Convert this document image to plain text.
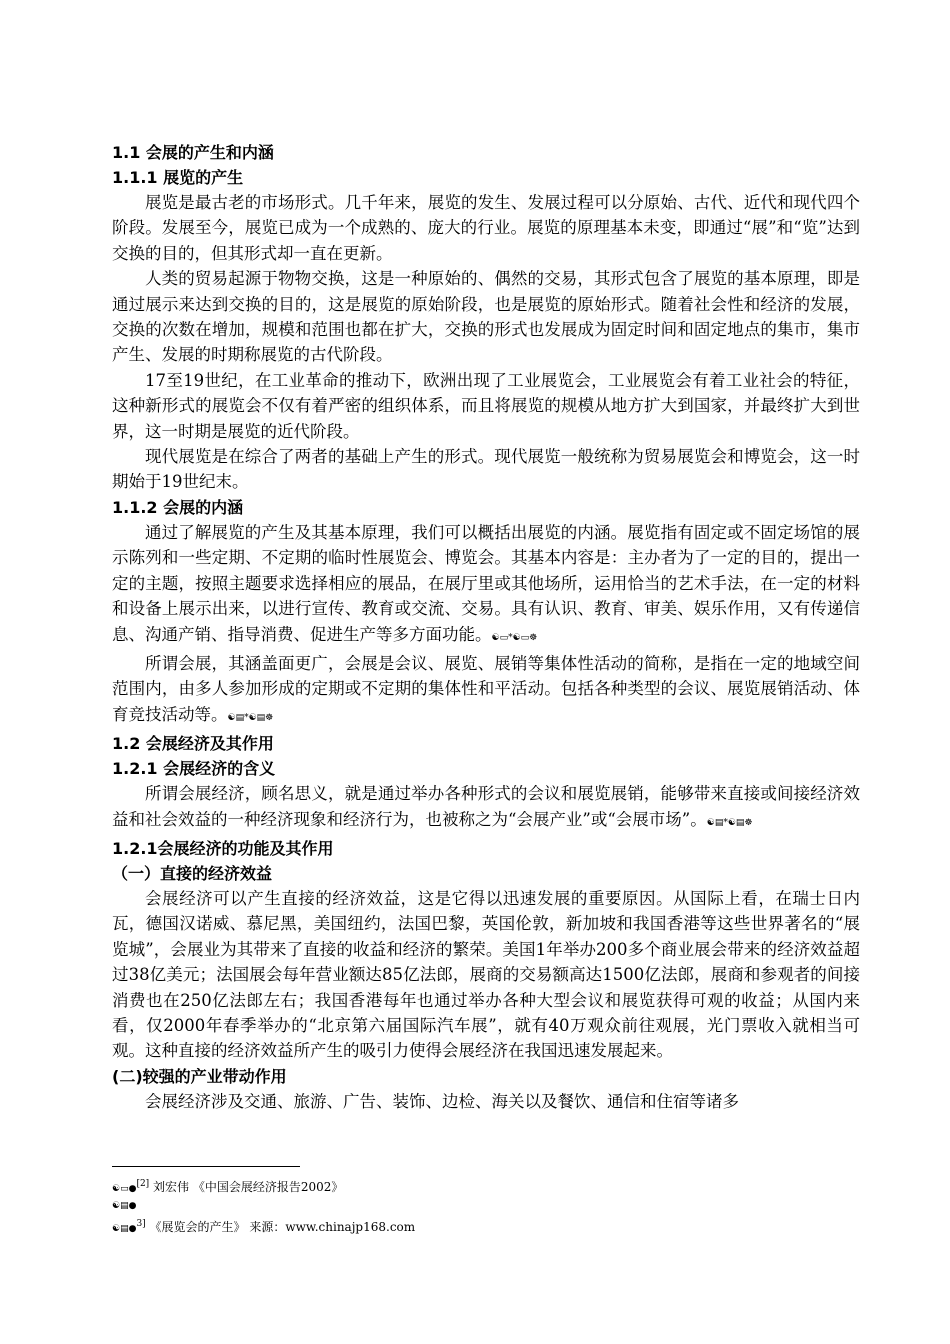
1.1 会展的产生和内涵
1.1.1 展览的产生
展览是最古老的市场形式。几千年来，展览的发生、发展过程可以分原始、古代、近代和现代四个阶段。发展至今，展览已成为一个成熟的、庞大的行业。展览的原理基本未变，即通过“展”和“览”达到交换的目的，但其形式却一直在更新。
人类的贸易起源于物物交换，这是一种原始的、偶然的交易，其形式包含了展览的基本原理，即是通过展示来达到交换的目的，这是展览的原始阶段，也是展览的原始形式。随着社会性和经济的发展，交换的次数在增加，规模和范围也都在扩大，交换的形式也发展成为固定时间和固定地点的集市，集市产生、发展的时期称展览的古代阶段。
17至19世纪，在工业革命的推动下，欧洲出现了工业展览会，工业展览会有着工业社会的特征，这种新形式的展览会不仅有着严密的组织体系，而且将展览的规模从地方扩大到国家，并最终扩大到世界，这一时期是展览的近代阶段。
现代展览是在综合了两者的基础上产生的形式。现代展览一般统称为贸易展览会和博览会，这一时期始于19世纪末。
1.1.2 会展的内涵
通过了解展览的产生及其基本原理，我们可以概括出展览的内涵。展览指有固定或不固定场馆的展示陈列和一些定期、不定期的临时性展览会、博览会。其基本内容是：主办者为了一定的目的，提出一定的主题，按照主题要求选择相应的展品，在展厅里或其他场所，运用恰当的艺术手法，在一定的材料和设备上展示出来，以进行宣传、教育或交流、交易。具有认识、教育、审美、娱乐作用，又有传递信息、沟通产销、指导消费、促进生产等多方面功能。☯▭*☯▭☸
所谓会展，其涵盖面更广，会展是会议、展览、展销等集体性活动的简称，是指在一定的地域空间范围内，由多人参加形成的定期或不定期的集体性和平活动。包括各种类型的会议、展览展销活动、体育竞技活动等。☯▤*☯▤☸
1.2 会展经济及其作用
1.2.1 会展经济的含义
所谓会展经济，顾名思义，就是通过举办各种形式的会议和展览展销，能够带来直接或间接经济效益和社会效益的一种经济现象和经济行为，也被称之为“会展产业”或“会展市场”。☯▤*☯▤☸
1.2.1会展经济的功能及其作用
（一）直接的经济效益
会展经济可以产生直接的经济效益，这是它得以迅速发展的重要原因。从国际上看，在瑞士日内瓦，德国汉诺威、慕尼黑，美国纽约，法国巴黎，英国伦敦，新加坡和我国香港等这些世界著名的“展览城”，会展业为其带来了直接的收益和经济的繁荣。美国1年举办200多个商业展会带来的经济效益超过38亿美元；法国展会每年营业额达85亿法郎，展商的交易额高达1500亿法郎，展商和参观者的间接消费也在250亿法郎左右；我国香港每年也通过举办各种大型会议和展览获得可观的收益；从国内来看，仅2000年春季举办的“北京第六届国际汽车展”，就有40万观众前往观展，光门票收入就相当可观。这种直接的经济效益所产生的吸引力使得会展经济在我国迅速发展起来。
(二)较强的产业带动作用
会展经济涉及交通、旅游、广告、装饰、边检、海关以及餐饮、通信和住宿等诸多
☯▭●[2] 刘宏伟 《中国会展经济报告2002》
☯▤●
☯▤●$^{3]}$ 《展览会的产生》 来源：www.chinajp168.com
